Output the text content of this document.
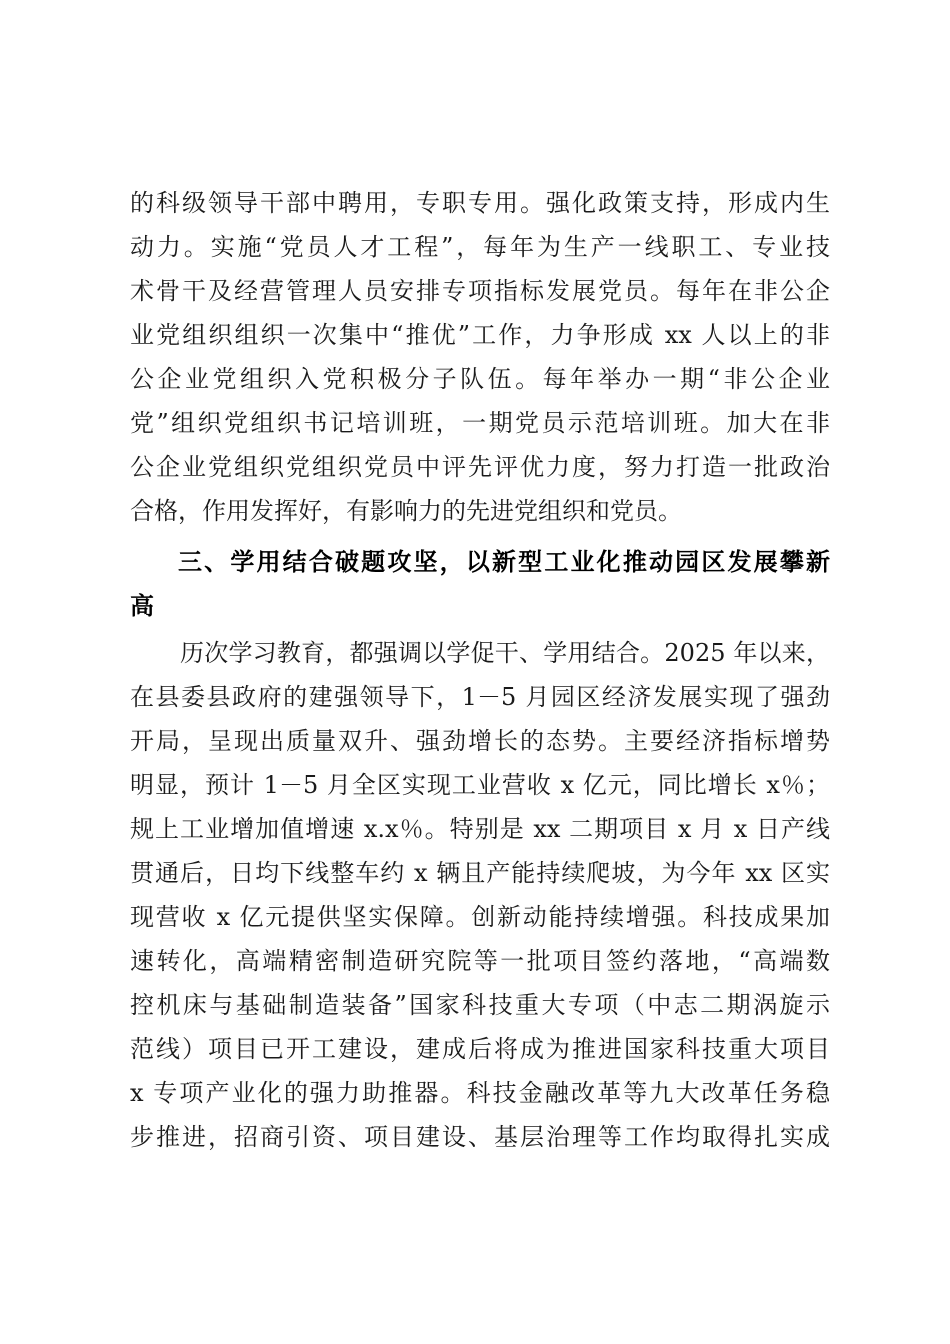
的科级领导干部中聘用，专职专用。强化政策支持，形成内生
动力。实施“党员人才工程”，每年为生产一线职工、专业技
术骨干及经营管理人员安排专项指标发展党员。每年在非公企
业党组织组织一次集中“推优”工作，力争形成 xx 人以上的非
公企业党组织入党积极分子队伍。每年举办一期“非公企业
党”组织党组织书记培训班，一期党员示范培训班。加大在非
公企业党组织党组织党员中评先评优力度，努力打造一批政治
合格，作用发挥好，有影响力的先进党组织和党员。
三、学用结合破题攻坚，以新型工业化推动园区发展攀新
高
历次学习教育，都强调以学促干、学用结合。2025 年以来，
在县委县政府的建强领导下，1－5 月园区经济发展实现了强劲
开局，呈现出质量双升、强劲增长的态势。主要经济指标增势
明显，预计 1－5 月全区实现工业营收 x 亿元，同比增长 x％；
规上工业增加值增速 x.x％。特别是 xx 二期项目 x 月 x 日产线
贯通后，日均下线整车约 x 辆且产能持续爬坡，为今年 xx 区实
现营收 x 亿元提供坚实保障。创新动能持续增强。科技成果加
速转化，高端精密制造研究院等一批项目签约落地，“高端数
控机床与基础制造装备”国家科技重大专项（中志二期涡旋示
范线）项目已开工建设，建成后将成为推进国家科技重大项目
x 专项产业化的强力助推器。科技金融改革等九大改革任务稳
步推进，招商引资、项目建设、基层治理等工作均取得扎实成
